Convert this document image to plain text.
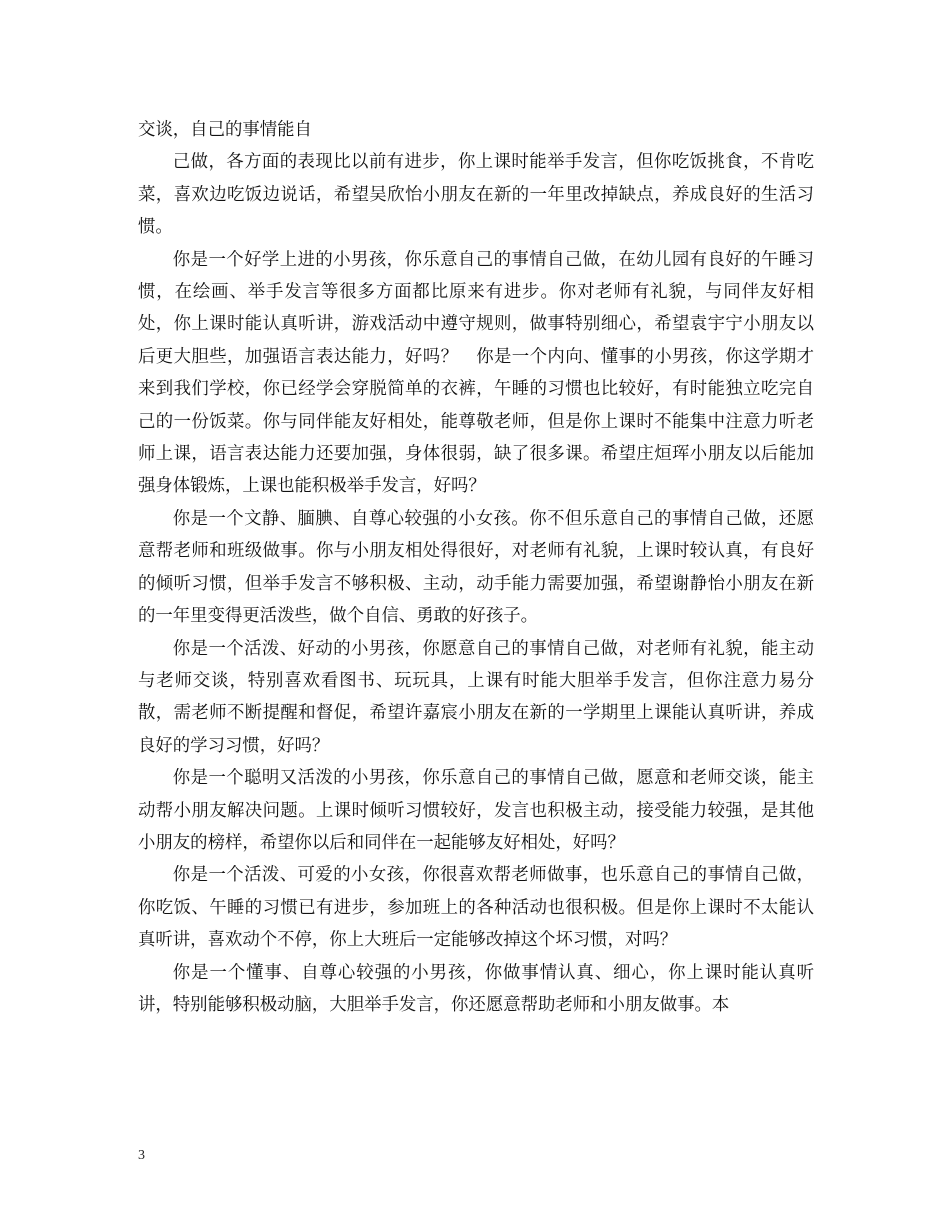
交谈，自己的事情能自

己做，各方面的表现比以前有进步，你上课时能举手发言，但你吃饭挑食，不肯吃菜，喜欢边吃饭边说话，希望吴欣怡小朋友在新的一年里改掉缺点，养成良好的生活习惯。

你是一个好学上进的小男孩，你乐意自己的事情自己做，在幼儿园有良好的午睡习惯，在绘画、举手发言等很多方面都比原来有进步。你对老师有礼貌，与同伴友好相处，你上课时能认真听讲，游戏活动中遵守规则，做事特别细心，希望袁宇宁小朋友以后更大胆些，加强语言表达能力，好吗？　你是一个内向、懂事的小男孩，你这学期才来到我们学校，你已经学会穿脱简单的衣裤，午睡的习惯也比较好，有时能独立吃完自己的一份饭菜。你与同伴能友好相处，能尊敬老师，但是你上课时不能集中注意力听老师上课，语言表达能力还要加强，身体很弱，缺了很多课。希望庄烜珲小朋友以后能加强身体锻炼，上课也能积极举手发言，好吗？

你是一个文静、腼腆、自尊心较强的小女孩。你不但乐意自己的事情自己做，还愿意帮老师和班级做事。你与小朋友相处得很好，对老师有礼貌，上课时较认真，有良好的倾听习惯，但举手发言不够积极、主动，动手能力需要加强，希望谢静怡小朋友在新的一年里变得更活泼些，做个自信、勇敢的好孩子。

你是一个活泼、好动的小男孩，你愿意自己的事情自己做，对老师有礼貌，能主动与老师交谈，特别喜欢看图书、玩玩具，上课有时能大胆举手发言，但你注意力易分散，需老师不断提醒和督促，希望许嘉宸小朋友在新的一学期里上课能认真听讲，养成良好的学习习惯，好吗？

你是一个聪明又活泼的小男孩，你乐意自己的事情自己做，愿意和老师交谈，能主动帮小朋友解决问题。上课时倾听习惯较好，发言也积极主动，接受能力较强，是其他小朋友的榜样，希望你以后和同伴在一起能够友好相处，好吗？

你是一个活泼、可爱的小女孩，你很喜欢帮老师做事，也乐意自己的事情自己做，你吃饭、午睡的习惯已有进步，参加班上的各种活动也很积极。但是你上课时不太能认真听讲，喜欢动个不停，你上大班后一定能够改掉这个坏习惯，对吗？

你是一个懂事、自尊心较强的小男孩，你做事情认真、细心，你上课时能认真听讲，特别能够积极动脑，大胆举手发言，你还愿意帮助老师和小朋友做事。本

3
